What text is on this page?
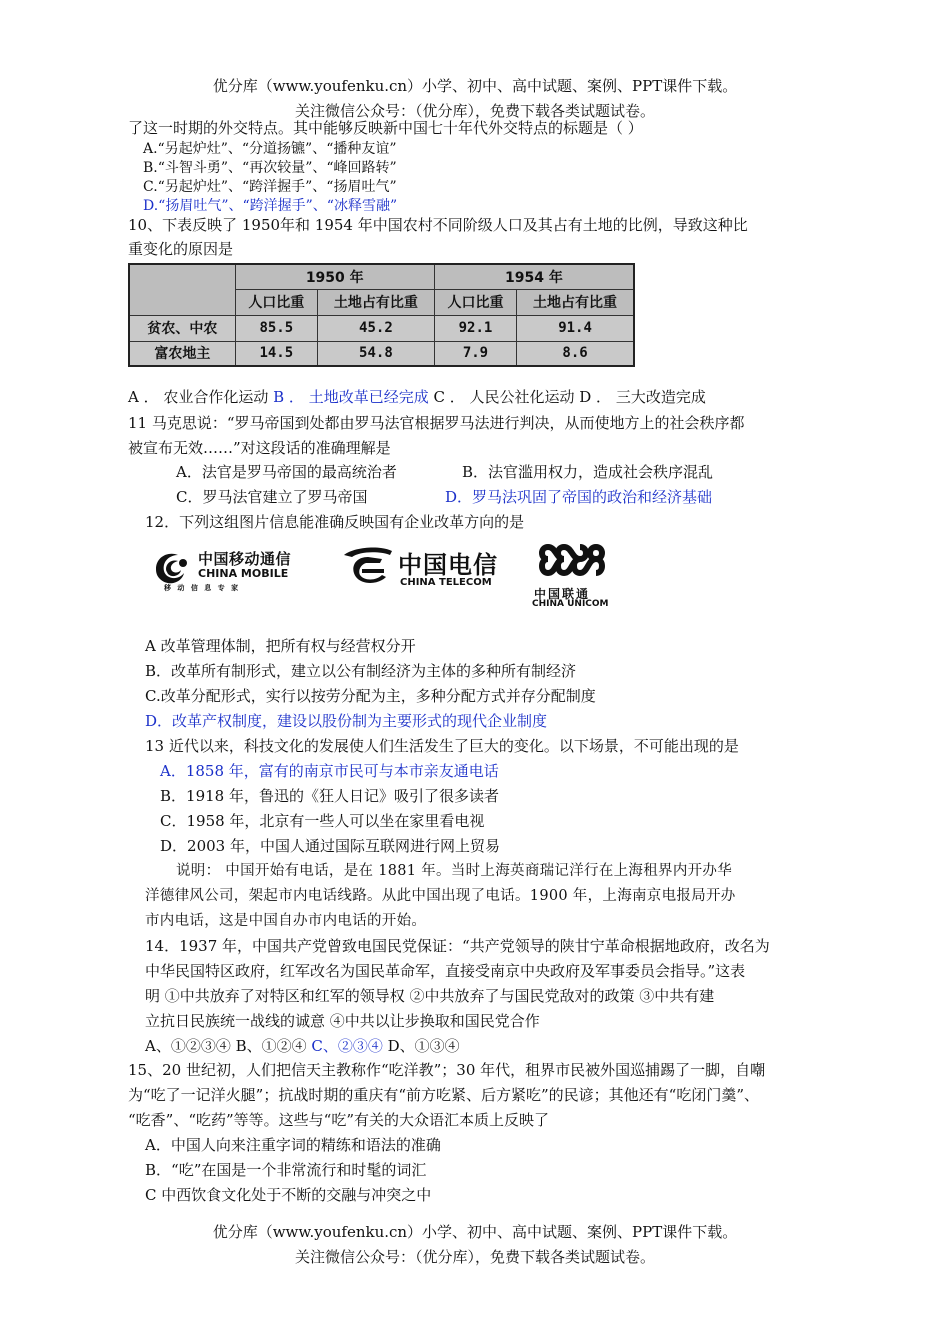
优分库（www.youfenku.cn）小学、初中、高中试题、案例、PPT课件下载。
关注微信公众号：（优分库），免费下载各类试题试卷。
了这一时期的外交特点。其中能够反映新中国七十年代外交特点的标题是（ ）
A.“另起炉灶”、“分道扬镳”、“播种友谊”
B.“斗智斗勇”、“再次较量”、“峰回路转”
C.“另起炉灶”、“跨洋握手”、“扬眉吐气”
D.“扬眉吐气”、“跨洋握手”、“冰释雪融”
10、下表反映了 1950年和 1954 年中国农村不同阶级人口及其占有土地的比例，导致这种比
重变化的原因是
	1950 年		1954 年	
	人口比重	土地占有比重	人口比重	土地占有比重
贫农、中农	85.5	45.2	92.1	91.4
富农地主	14.5	54.8	7.9	8.6
A ． 农业合作化运动 B ． 土地改革已经完成 C ． 人民公社化运动 D ． 三大改造完成
11 马克思说：“罗马帝国到处都由罗马法官根据罗马法进行判决，从而使地方上的社会秩序都
被宣布无效……”对这段话的准确理解是
A．法官是罗马帝国的最高统治者	B．法官滥用权力，造成社会秩序混乱
C．罗马法官建立了罗马帝国	D．罗马法巩固了帝国的政治和经济基础
12．下列这组图片信息能准确反映国有企业改革方向的是
中国移动通信
CHINA MOBILE
移 动 信 息 专 家
中国电信
CHINA TELECOM
中国联通
CHINA UNICOM
A 改革管理体制，把所有权与经营权分开
B．改革所有制形式，建立以公有制经济为主体的多种所有制经济
C.改革分配形式，实行以按劳分配为主，多种分配方式并存分配制度
D．改革产权制度，建设以股份制为主要形式的现代企业制度
13 近代以来，科技文化的发展使人们生活发生了巨大的变化。以下场景，不可能出现的是
A．1858 年，富有的南京市民可与本市亲友通电话
B．1918 年，鲁迅的《狂人日记》吸引了很多读者
C．1958 年，北京有一些人可以坐在家里看电视
D．2003 年，中国人通过国际互联网进行网上贸易
说明： 中国开始有电话，是在 1881 年。当时上海英商瑞记洋行在上海租界内开办华
洋德律风公司，架起市内电话线路。从此中国出现了电话。1900 年，上海南京电报局开办
市内电话，这是中国自办市内电话的开始。
14．1937 年，中国共产党曾致电国民党保证：“共产党领导的陕甘宁革命根据地政府，改名为
中华民国特区政府，红军改名为国民革命军，直接受南京中央政府及军事委员会指导。”这表
明 ①中共放弃了对特区和红军的领导权 ②中共放弃了与国民党敌对的政策 ③中共有建
立抗日民族统一战线的诚意 ④中共以让步换取和国民党合作
A、①②③④ B、①②④ C、②③④ D、①③④
15、20 世纪初，人们把信天主教称作“吃洋教”；30 年代，租界市民被外国巡捕踢了一脚，自嘲
为“吃了一记洋火腿”；抗战时期的重庆有“前方吃紧、后方紧吃”的民谚；其他还有“吃闭门羹”、
“吃香”、“吃药”等等。这些与“吃”有关的大众语汇本质上反映了
A．中国人向来注重字词的精练和语法的准确
B．“吃”在国是一个非常流行和时髦的词汇
C 中西饮食文化处于不断的交融与冲突之中
优分库（www.youfenku.cn）小学、初中、高中试题、案例、PPT课件下载。
关注微信公众号：（优分库），免费下载各类试题试卷。
